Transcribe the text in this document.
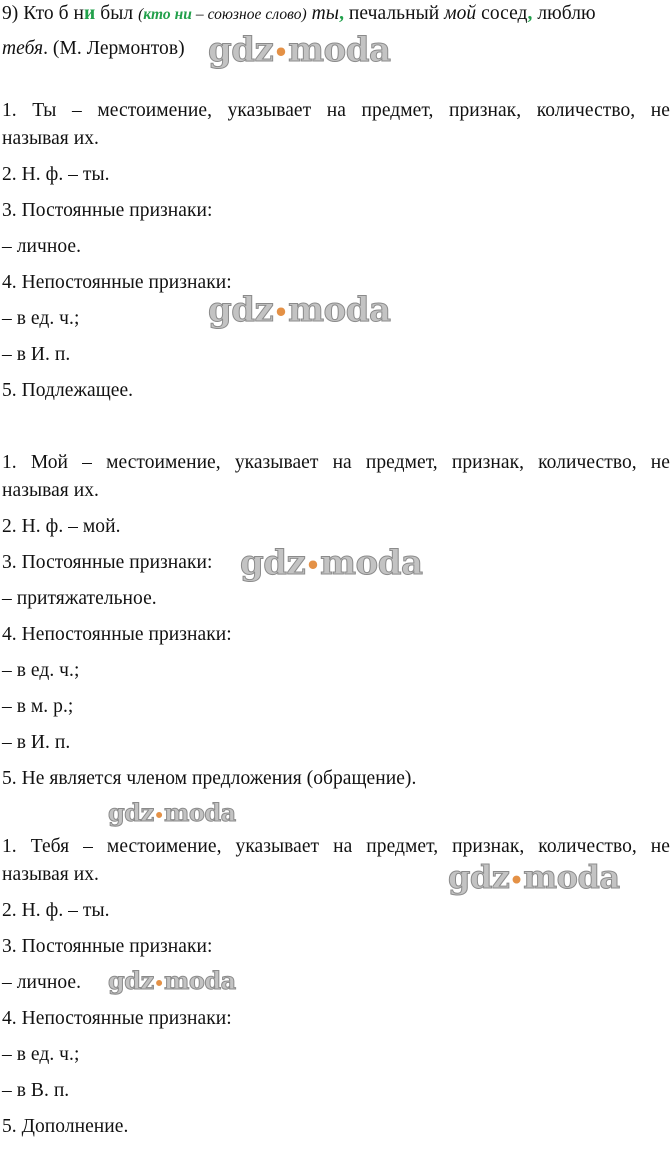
9) Кто б ни был (кто ни – союзное слово) ты, печальный мой сосед, люблю
тебя. (М. Лермонтов)
1. Ты – местоимение, указывает на предмет, признак, количество, не
называя их.
2. Н. ф. – ты.
3. Постоянные признаки:
– личное.
4. Непостоянные признаки:
– в ед. ч.;
– в И. п.
5. Подлежащее.
1. Мой – местоимение, указывает на предмет, признак, количество, не
называя их.
2. Н. ф. – мой.
3. Постоянные признаки:
– притяжательное.
4. Непостоянные признаки:
– в ед. ч.;
– в м. р.;
– в И. п.
5. Не является членом предложения (обращение).
1. Тебя – местоимение, указывает на предмет, признак, количество, не
называя их.
2. Н. ф. – ты.
3. Постоянные признаки:
– личное.
4. Непостоянные признаки:
– в ед. ч.;
– в В. п.
5. Дополнение.
gdz•moda
gdz•moda
gdz•moda
gdz•moda
gdz•moda
gdz•moda
